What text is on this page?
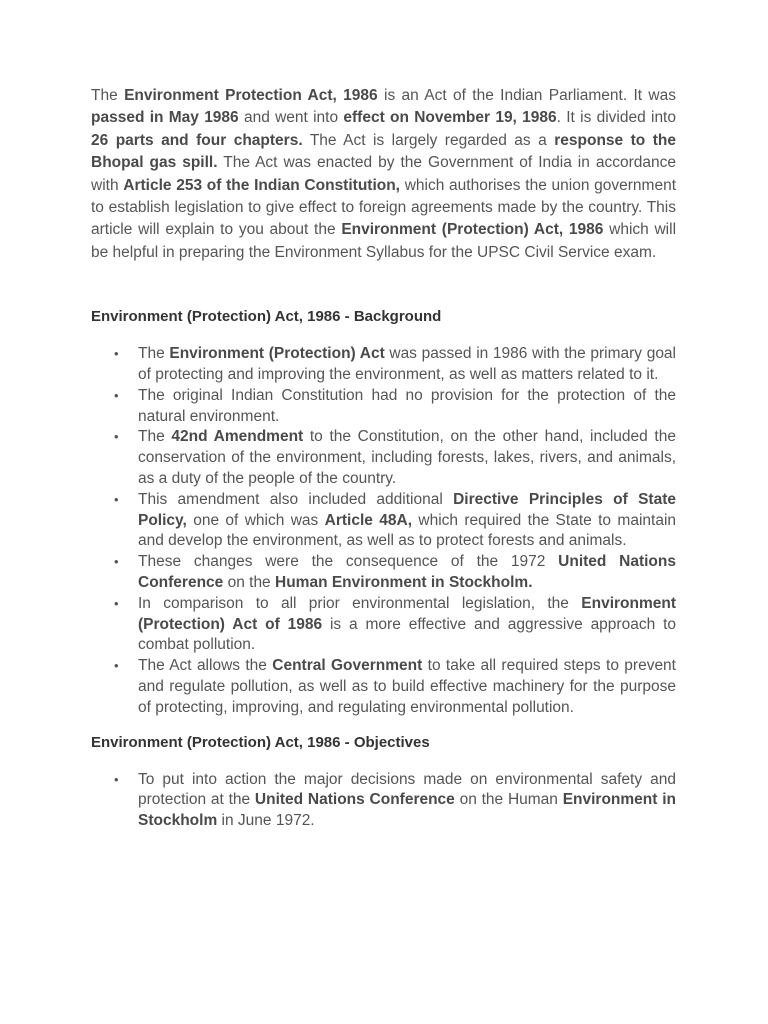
The Environment Protection Act, 1986 is an Act of the Indian Parliament. It was passed in May 1986 and went into effect on November 19, 1986. It is divided into 26 parts and four chapters. The Act is largely regarded as a response to the Bhopal gas spill. The Act was enacted by the Government of India in accordance with Article 253 of the Indian Constitution, which authorises the union government to establish legislation to give effect to foreign agreements made by the country. This article will explain to you about the Environment (Protection) Act, 1986 which will be helpful in preparing the Environment Syllabus for the UPSC Civil Service exam.

Environment (Protection) Act, 1986 - Background
• The Environment (Protection) Act was passed in 1986 with the primary goal of protecting and improving the environment, as well as matters related to it.
• The original Indian Constitution had no provision for the protection of the natural environment.
• The 42nd Amendment to the Constitution, on the other hand, included the conservation of the environment, including forests, lakes, rivers, and animals, as a duty of the people of the country.
• This amendment also included additional Directive Principles of State Policy, one of which was Article 48A, which required the State to maintain and develop the environment, as well as to protect forests and animals.
• These changes were the consequence of the 1972 United Nations Conference on the Human Environment in Stockholm.
• In comparison to all prior environmental legislation, the Environment (Protection) Act of 1986 is a more effective and aggressive approach to combat pollution.
• The Act allows the Central Government to take all required steps to prevent and regulate pollution, as well as to build effective machinery for the purpose of protecting, improving, and regulating environmental pollution.
Environment (Protection) Act, 1986 - Objectives
• To put into action the major decisions made on environmental safety and protection at the United Nations Conference on the Human Environment in Stockholm in June 1972.
